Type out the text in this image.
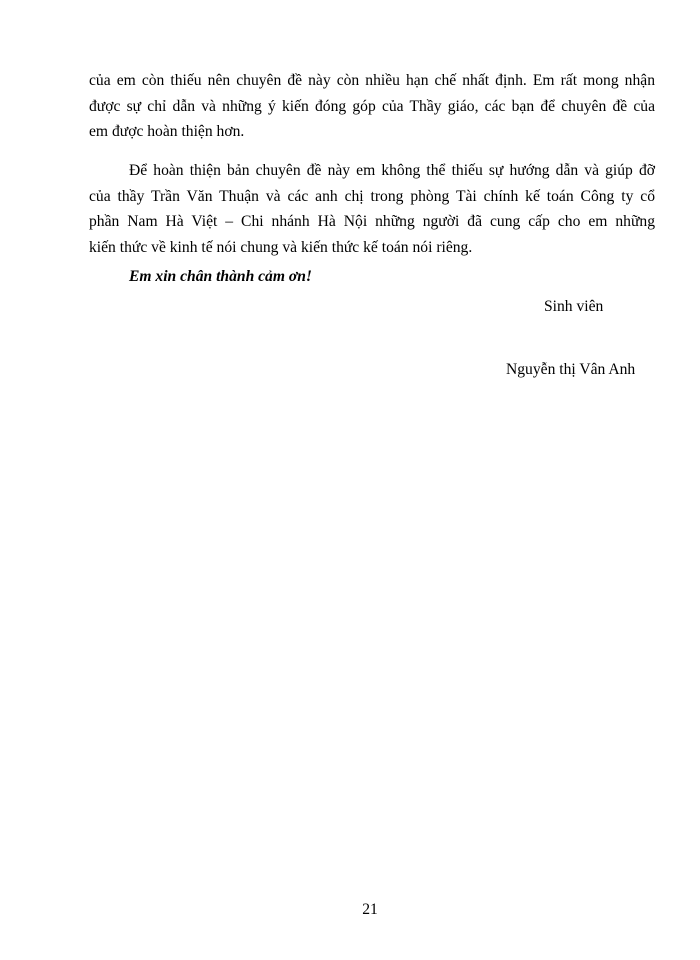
của em còn thiếu nên chuyên đề này còn nhiều hạn chế nhất định. Em rất mong nhận
được sự chỉ dẫn và những ý kiến đóng góp của Thầy giáo, các bạn để chuyên đề của
em được hoàn thiện hơn.
Để hoàn thiện bản chuyên đề này em không thể thiếu sự hướng dẫn và giúp đỡ
của thầy Trần Văn Thuận và các anh chị trong phòng Tài chính kế toán Công ty cổ
phần Nam Hà Việt – Chi nhánh Hà Nội những người đã cung cấp cho em những
kiến thức về kinh tế nói chung và kiến thức kế toán nói riêng.

Em xin chân thành cảm ơn!

Sinh viên
Nguyễn thị Vân Anh
21
